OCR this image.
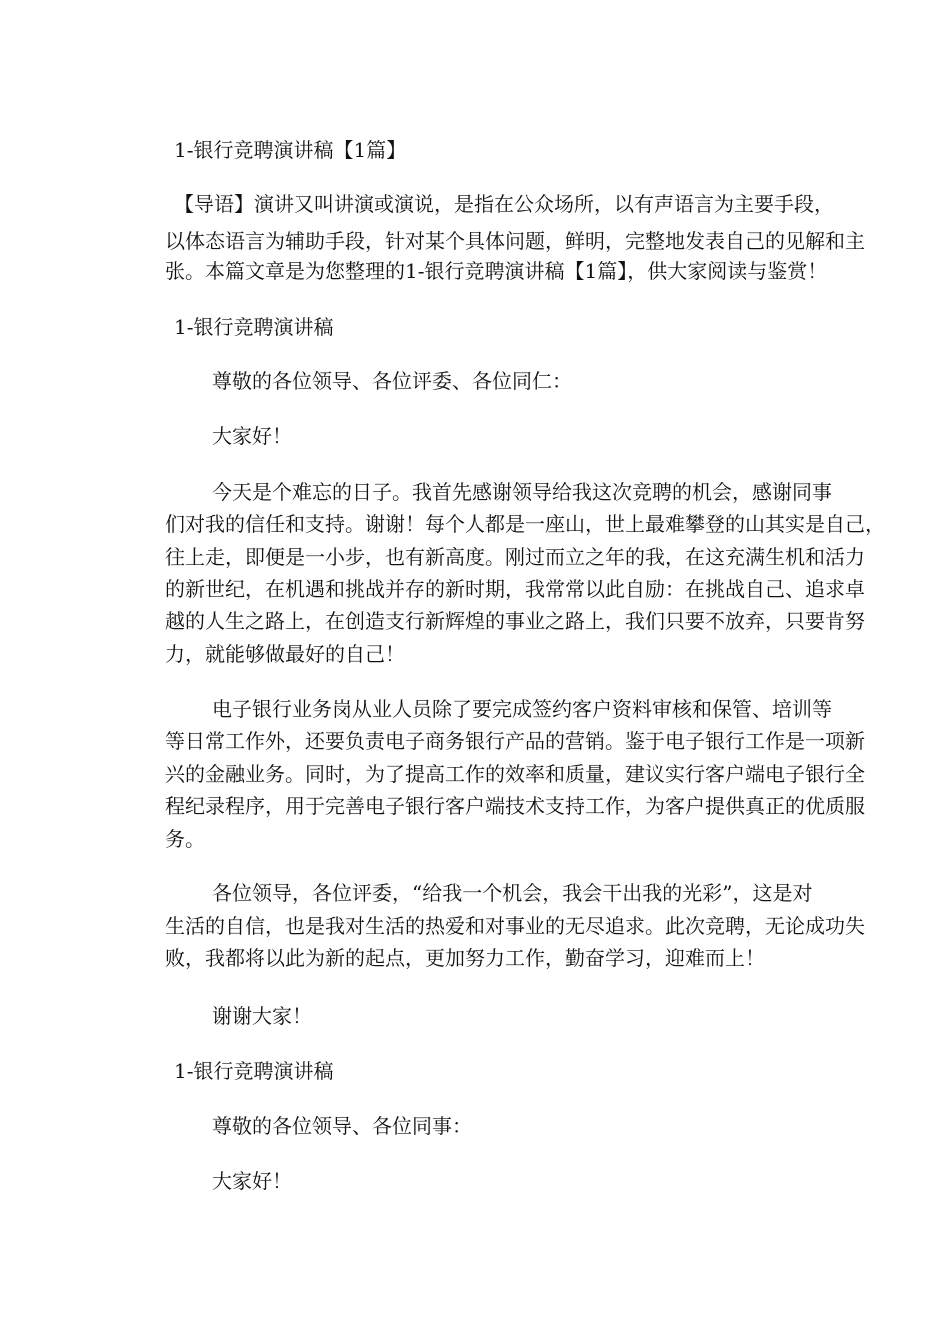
1-银行竞聘演讲稿【1篇】
【导语】演讲又叫讲演或演说，是指在公众场所，以有声语言为主要手段，
以体态语言为辅助手段，针对某个具体问题，鲜明，完整地发表自己的见解和主
张。本篇文章是为您整理的1-银行竞聘演讲稿【1篇】，供大家阅读与鉴赏！
1-银行竞聘演讲稿
尊敬的各位领导、各位评委、各位同仁：
大家好！
今天是个难忘的日子。我首先感谢领导给我这次竞聘的机会，感谢同事
们对我的信任和支持。谢谢！每个人都是一座山，世上最难攀登的山其实是自己，
往上走，即便是一小步，也有新高度。刚过而立之年的我，在这充满生机和活力
的新世纪，在机遇和挑战并存的新时期，我常常以此自励：在挑战自己、追求卓
越的人生之路上，在创造支行新辉煌的事业之路上，我们只要不放弃，只要肯努
力，就能够做最好的自己！
电子银行业务岗从业人员除了要完成签约客户资料审核和保管、培训等
等日常工作外，还要负责电子商务银行产品的营销。鉴于电子银行工作是一项新
兴的金融业务。同时，为了提高工作的效率和质量，建议实行客户端电子银行全
程纪录程序，用于完善电子银行客户端技术支持工作，为客户提供真正的优质服
务。
各位领导，各位评委，“给我一个机会，我会干出我的光彩”，这是对
生活的自信，也是我对生活的热爱和对事业的无尽追求。此次竞聘，无论成功失
败，我都将以此为新的起点，更加努力工作，勤奋学习，迎难而上！
谢谢大家！
1-银行竞聘演讲稿
尊敬的各位领导、各位同事：
大家好！
